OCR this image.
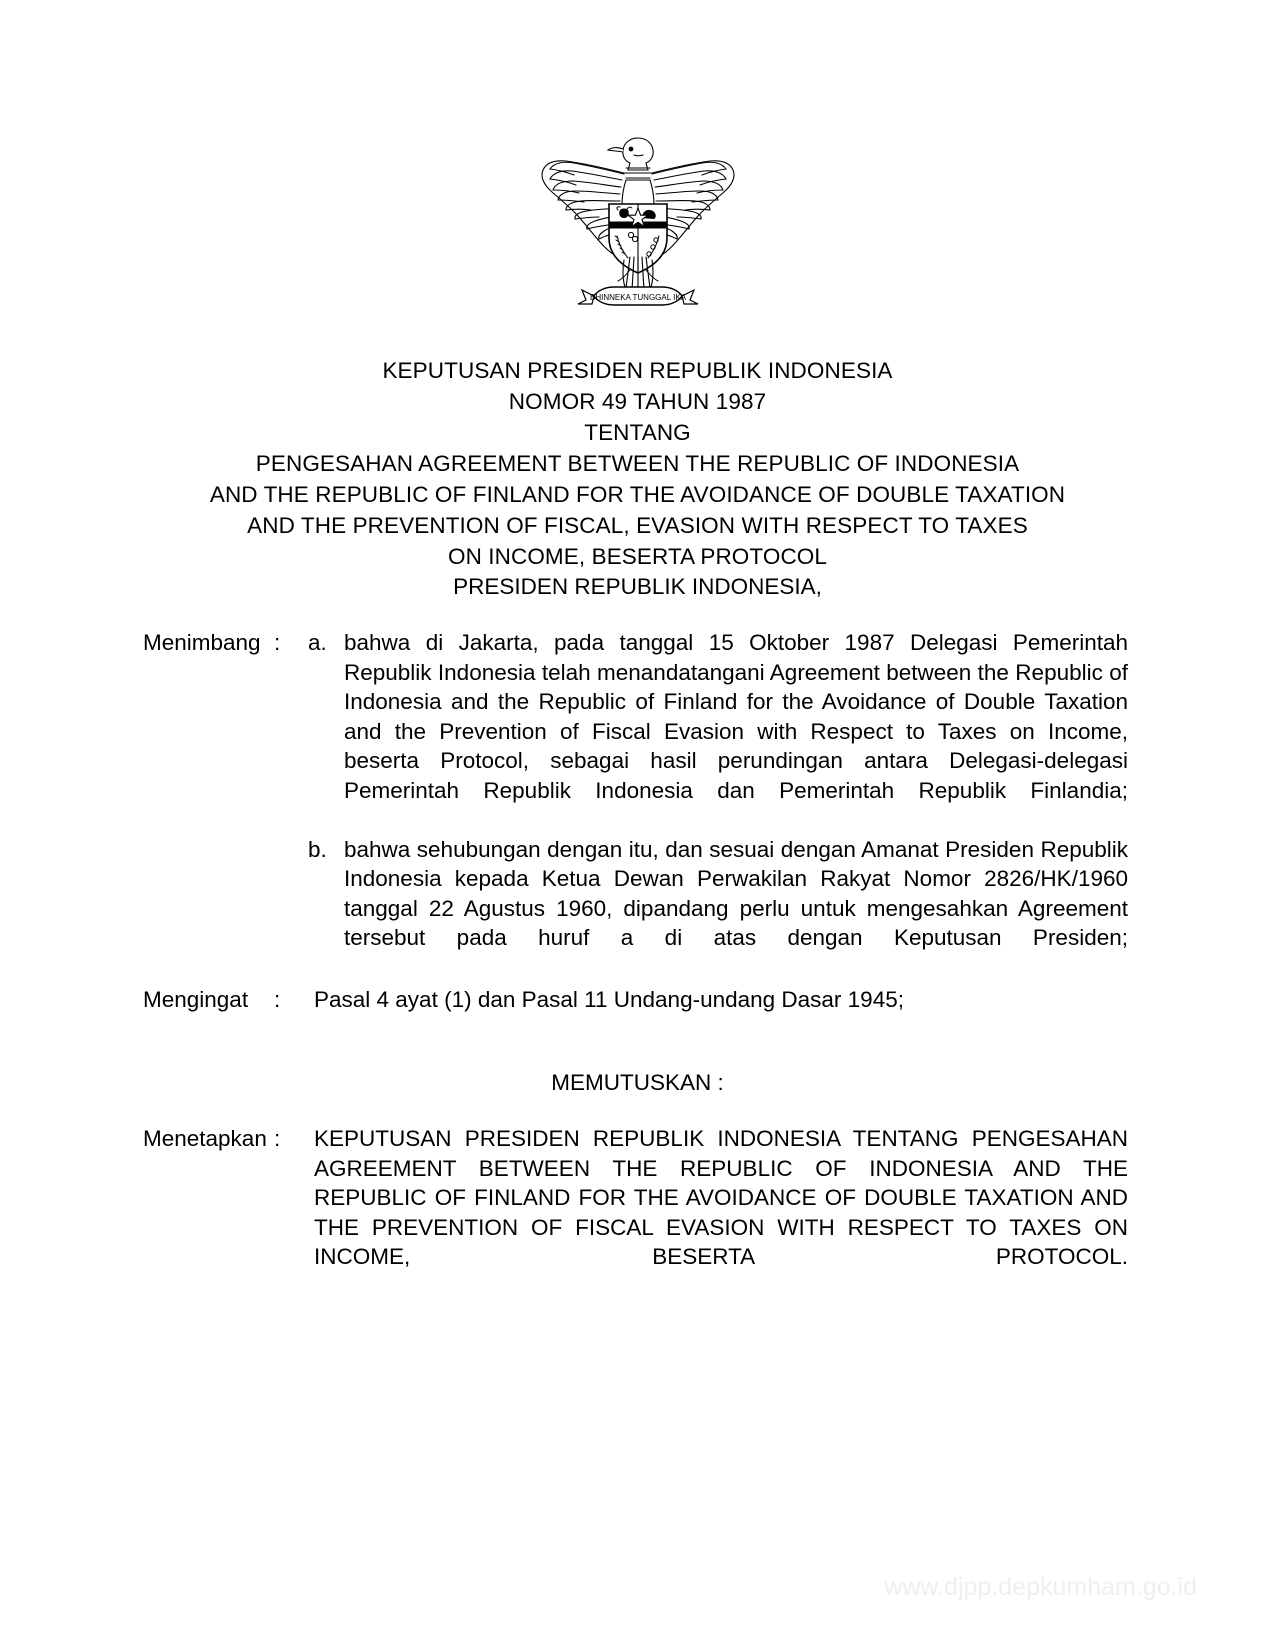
BHINNEKA TUNGGAL IKA
KEPUTUSAN PRESIDEN REPUBLIK INDONESIA
NOMOR 49 TAHUN 1987
TENTANG
PENGESAHAN AGREEMENT BETWEEN THE REPUBLIC OF INDONESIA
AND THE REPUBLIC OF FINLAND FOR THE AVOIDANCE OF DOUBLE TAXATION
AND THE PREVENTION OF FISCAL, EVASION WITH RESPECT TO TAXES
ON INCOME, BESERTA PROTOCOL
PRESIDEN REPUBLIK INDONESIA,
Menimbang :	a. bahwa di Jakarta, pada tanggal 15 Oktober 1987 Delegasi Pemerintah Republik Indonesia telah menandatangani Agreement between the Republic of Indonesia and the Republic of Finland for the Avoidance of Double Taxation and the Prevention of Fiscal Evasion with Respect to Taxes on Income, beserta Protocol, sebagai hasil perundingan antara Delegasi-delegasi Pemerintah Republik Indonesia dan Pemerintah Republik Finlandia;
b. bahwa sehubungan dengan itu, dan sesuai dengan Amanat Presiden Republik Indonesia kepada Ketua Dewan Perwakilan Rakyat Nomor 2826/HK/1960 tanggal 22 Agustus 1960, dipandang perlu untuk mengesahkan Agreement tersebut pada huruf a di atas dengan Keputusan Presiden;
Mengingat	:	Pasal 4 ayat (1) dan Pasal 11 Undang-undang Dasar 1945;
MEMUTUSKAN :
Menetapkan :	KEPUTUSAN PRESIDEN REPUBLIK INDONESIA TENTANG PENGESAHAN AGREEMENT BETWEEN THE REPUBLIC OF INDONESIA AND THE REPUBLIC OF FINLAND FOR THE AVOIDANCE OF DOUBLE TAXATION AND THE PREVENTION OF FISCAL EVASION WITH RESPECT TO TAXES ON INCOME, BESERTA PROTOCOL.
www.djpp.depkumham.go.id
